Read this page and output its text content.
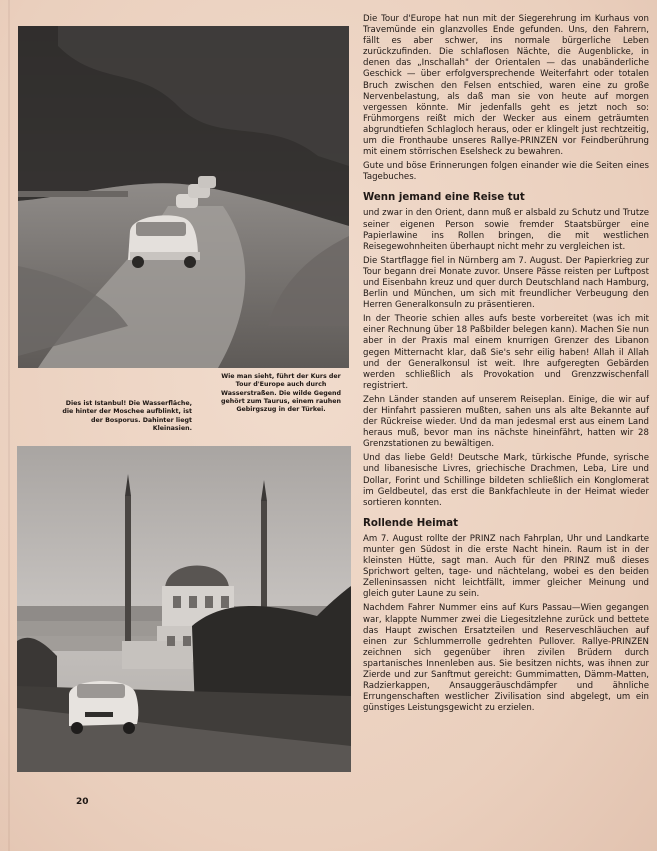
Dies ist Istanbul! Die Wasserfläche, die hinter der Moschee aufblinkt, ist der Bosporus. Dahinter liegt Kleinasien.
Wie man sieht, führt der Kurs der Tour d'Europe auch durch Wasserstraßen. Die wilde Gegend gehört zum Taurus, einem rauhen Gebirgszug in der Türkei.

Die Tour d'Europe hat nun mit der Siegerehrung im Kurhaus von Travemünde ein glanzvolles Ende gefunden. Uns, den Fahrern, fällt es aber schwer, ins normale bürgerliche Leben zurückzufinden. Die schlaflosen Nächte, die Augenblicke, in denen das „Inschallah" der Orientalen — das unabänderliche Geschick — über erfolgversprechende Weiterfahrt oder totalen Bruch zwischen den Felsen entschied, waren eine zu große Nervenbelastung, als daß man sie von heute auf morgen vergessen könnte. Mir jedenfalls geht es jetzt noch so: Frühmorgens reißt mich der Wecker aus einem geträumten abgrundtiefen Schlagloch heraus, oder er klingelt just rechtzeitig, um die Fronthaube unseres Rallye-PRINZEN vor Feindberührung mit einem störrischen Eselsheck zu bewahren.

Gute und böse Erinnerungen folgen einander wie die Seiten eines Tagebuches.

Wenn jemand eine Reise tut

und zwar in den Orient, dann muß er alsbald zu Schutz und Trutze seiner eigenen Person sowie fremder Staatsbürger eine Papierlawine ins Rollen bringen, die mit westlichen Reisegewohnheiten überhaupt nicht mehr zu vergleichen ist.

Die Startflagge fiel in Nürnberg am 7. August. Der Papierkrieg zur Tour begann drei Monate zuvor. Unsere Pässe reisten per Luftpost und Eisenbahn kreuz und quer durch Deutschland nach Hamburg, Berlin und München, um sich mit freundlicher Verbeugung den Herren Generalkonsuln zu präsentieren.

In der Theorie schien alles aufs beste vorbereitet (was ich mit einer Rechnung über 18 Paßbilder belegen kann). Machen Sie nun aber in der Praxis mal einem knurrigen Grenzer des Libanon gegen Mitternacht klar, daß Sie's sehr eilig haben! Allah il Allah und der Generalkonsul ist weit. Ihre aufgeregten Gebärden werden schließlich als Provokation und Grenzzwischenfall registriert.

Zehn Länder standen auf unserem Reiseplan. Einige, die wir auf der Hinfahrt passieren mußten, sahen uns als alte Bekannte auf der Rückreise wieder. Und da man jedesmal erst aus einem Land heraus muß, bevor man ins nächste hineinfährt, hatten wir 28 Grenzstationen zu bewältigen.

Und das liebe Geld! Deutsche Mark, türkische Pfunde, syrische und libanesische Livres, griechische Drachmen, Leba, Lire und Dollar, Forint und Schillinge bildeten schließlich ein Konglomerat im Geldbeutel, das erst die Bankfachleute in der Heimat wieder sortieren konnten.

Rollende Heimat

Am 7. August rollte der PRINZ nach Fahrplan, Uhr und Landkarte munter gen Südost in die erste Nacht hinein. Raum ist in der kleinsten Hütte, sagt man. Auch für den PRINZ muß dieses Sprichwort gelten, tage- und nächtelang, wobei es den beiden Zelleninsassen nicht leichtfällt, immer gleicher Meinung und gleich guter Laune zu sein.

Nachdem Fahrer Nummer eins auf Kurs Passau—Wien gegangen war, klappte Nummer zwei die Liegesitzlehne zurück und bettete das Haupt zwischen Ersatzteilen und Reserveschläuchen auf einen zur Schlummerrolle gedrehten Pullover. Rallye-PRINZEN zeichnen sich gegenüber ihren zivilen Brüdern durch spartanisches Innenleben aus. Sie besitzen nichts, was ihnen zur Zierde und zur Sanftmut gereicht: Gummimatten, Dämm-Matten, Radzierkappen, Ansauggeräuschdämpfer und ähnliche Errungenschaften westlicher Zivilisation sind abgelegt, um ein günstiges Leistungsgewicht zu erzielen.

20
